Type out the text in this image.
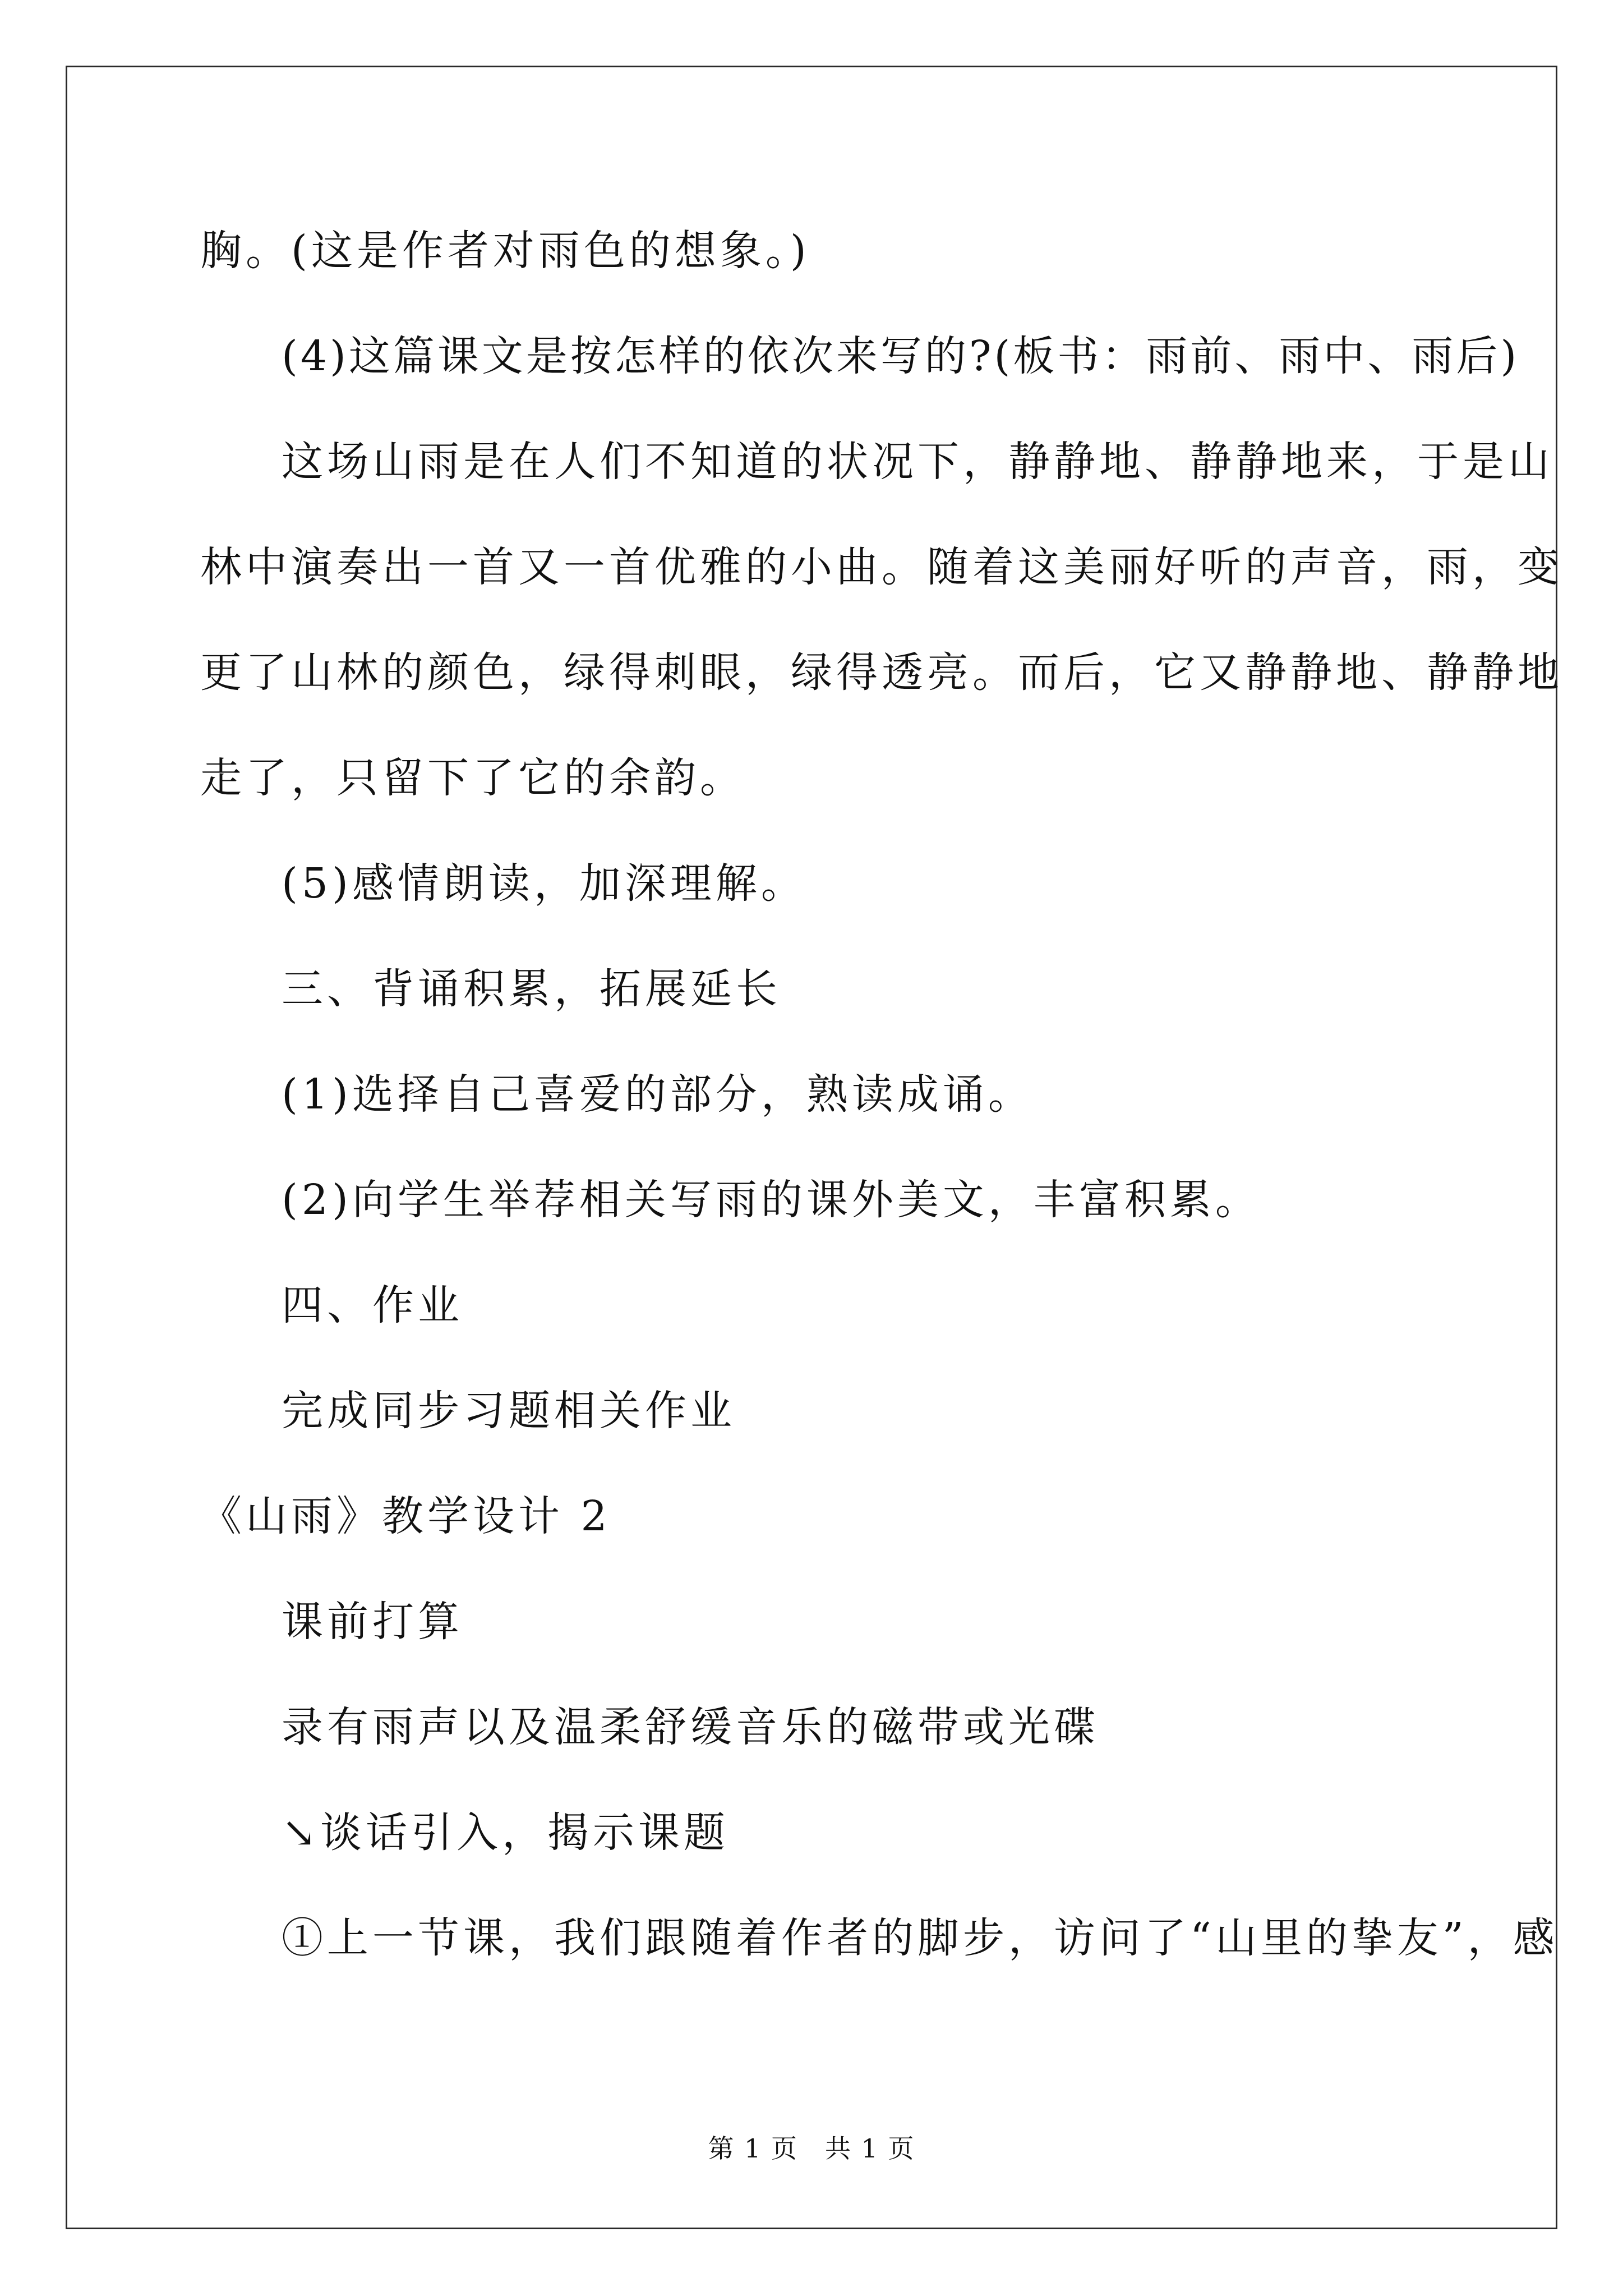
胸。(这是作者对雨色的想象。)
(4)这篇课文是按怎样的依次来写的?(板书：雨前、雨中、雨后)
这场山雨是在人们不知道的状况下，静静地、静静地来，于是山
林中演奏出一首又一首优雅的小曲。随着这美丽好听的声音，雨，变
更了山林的颜色，绿得刺眼，绿得透亮。而后，它又静静地、静静地
走了，只留下了它的余韵。
(5)感情朗读，加深理解。
三、背诵积累，拓展延长
(1)选择自己喜爱的部分，熟读成诵。
(2)向学生举荐相关写雨的课外美文，丰富积累。
四、作业
完成同步习题相关作业
《山雨》教学设计 2
课前打算
录有雨声以及温柔舒缓音乐的磁带或光碟
↘谈话引入，揭示课题
①上一节课，我们跟随着作者的脚步，访问了“山里的挚友”，感
第 1 页 共 1 页
